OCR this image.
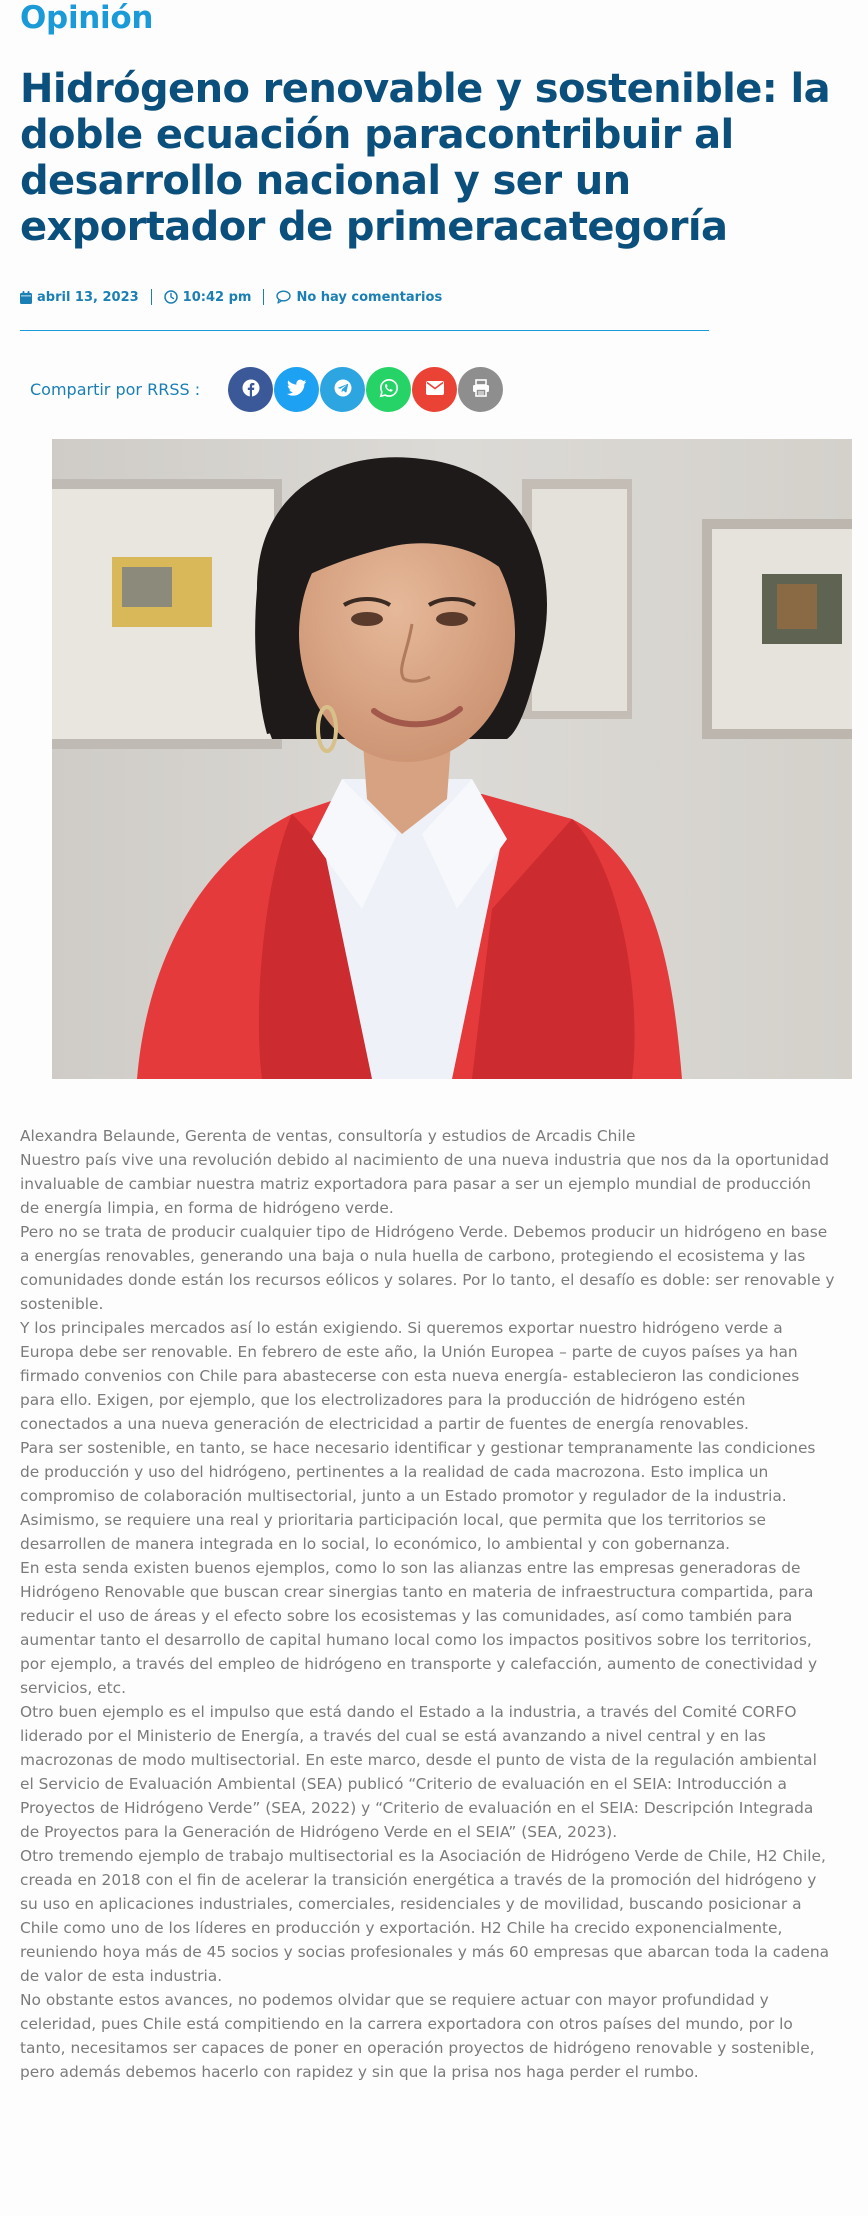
Opinión
Hidrógeno renovable y sostenible: la doble ecuación paracontribuir al desarrollo nacional y ser un exportador de primeracategoría
abril 13, 2023	10:42 pm	No hay comentarios
Compartir por RRSS :

Alexandra Belaunde, Gerenta de ventas, consultoría y estudios de Arcadis Chile

Nuestro país vive una revolución debido al nacimiento de una nueva industria que nos da la oportunidad invaluable de cambiar nuestra matriz exportadora para pasar a ser un ejemplo mundial de producción de energía limpia, en forma de hidrógeno verde.

Pero no se trata de producir cualquier tipo de Hidrógeno Verde. Debemos producir un hidrógeno en base a energías renovables, generando una baja o nula huella de carbono, protegiendo el ecosistema y las comunidades donde están los recursos eólicos y solares. Por lo tanto, el desafío es doble: ser renovable y sostenible.

Y los principales mercados así lo están exigiendo. Si queremos exportar nuestro hidrógeno verde a Europa debe ser renovable. En febrero de este año, la Unión Europea – parte de cuyos países ya han firmado convenios con Chile para abastecerse con esta nueva energía- establecieron las condiciones para ello. Exigen, por ejemplo, que los electrolizadores para la producción de hidrógeno estén conectados a una nueva generación de electricidad a partir de fuentes de energía renovables.

Para ser sostenible, en tanto, se hace necesario identificar y gestionar tempranamente las condiciones de producción y uso del hidrógeno, pertinentes a la realidad de cada macrozona. Esto implica un compromiso de colaboración multisectorial, junto a un Estado promotor y regulador de la industria. Asimismo, se requiere una real y prioritaria participación local, que permita que los territorios se desarrollen de manera integrada en lo social, lo económico, lo ambiental y con gobernanza.

En esta senda existen buenos ejemplos, como lo son las alianzas entre las empresas generadoras de Hidrógeno Renovable que buscan crear sinergias tanto en materia de infraestructura compartida, para reducir el uso de áreas y el efecto sobre los ecosistemas y las comunidades, así como también para aumentar tanto el desarrollo de capital humano local como los impactos positivos sobre los territorios, por ejemplo, a través del empleo de hidrógeno en transporte y calefacción, aumento de conectividad y servicios, etc.

Otro buen ejemplo es el impulso que está dando el Estado a la industria, a través del Comité CORFO liderado por el Ministerio de Energía, a través del cual se está avanzando a nivel central y en las macrozonas de modo multisectorial. En este marco, desde el punto de vista de la regulación ambiental el Servicio de Evaluación Ambiental (SEA) publicó “Criterio de evaluación en el SEIA: Introducción a Proyectos de Hidrógeno Verde” (SEA, 2022) y “Criterio de evaluación en el SEIA: Descripción Integrada de Proyectos para la Generación de Hidrógeno Verde en el SEIA” (SEA, 2023).

Otro tremendo ejemplo de trabajo multisectorial es la Asociación de Hidrógeno Verde de Chile, H2 Chile, creada en 2018 con el fin de acelerar la transición energética a través de la promoción del hidrógeno y su uso en aplicaciones industriales, comerciales, residenciales y de movilidad, buscando posicionar a Chile como uno de los líderes en producción y exportación. H2 Chile ha crecido exponencialmente, reuniendo hoya más de 45 socios y socias profesionales y más 60 empresas que abarcan toda la cadena de valor de esta industria.

No obstante estos avances, no podemos olvidar que se requiere actuar con mayor profundidad y celeridad, pues Chile está compitiendo en la carrera exportadora con otros países del mundo, por lo tanto, necesitamos ser capaces de poner en operación proyectos de hidrógeno renovable y sostenible, pero además debemos hacerlo con rapidez y sin que la prisa nos haga perder el rumbo.
